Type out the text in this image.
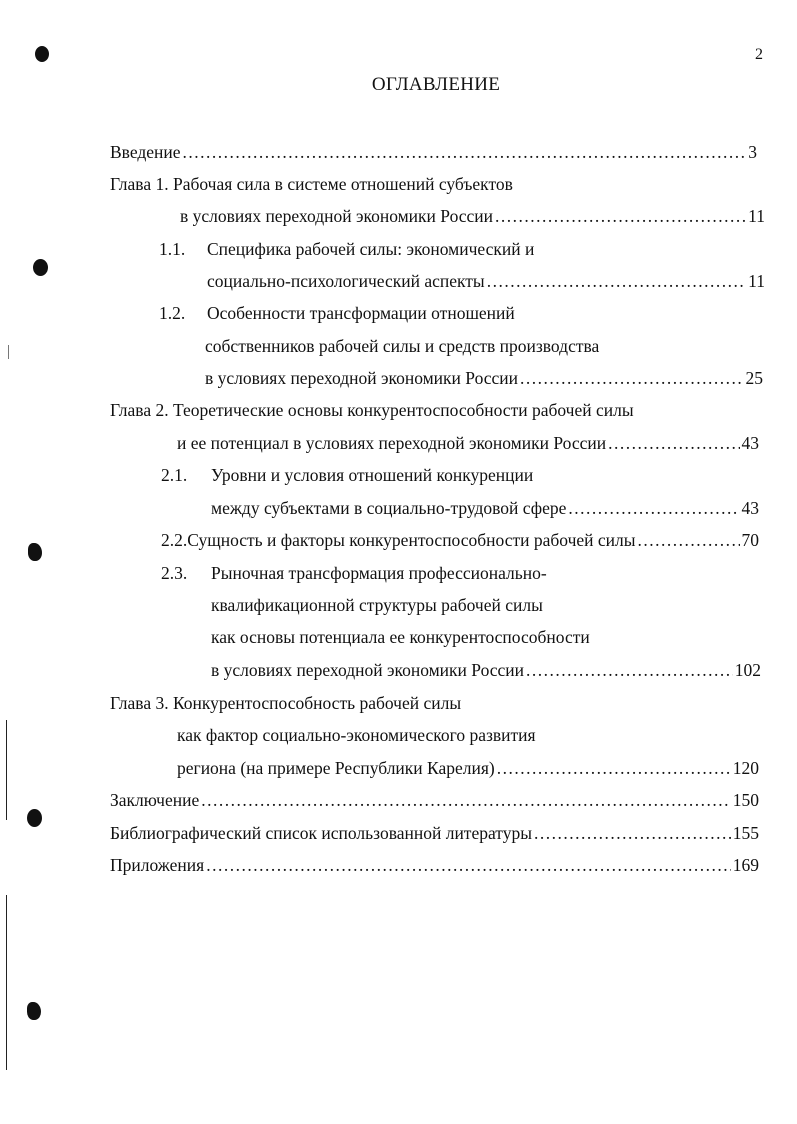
2
ОГЛАВЛЕНИЕ
Введение .....	3
Глава 1. Рабочая сила в системе отношений субъектов
в условиях переходной экономики России .....	11
1.1.	Специфика рабочей силы: экономический и
социально-психологический аспекты .....	11
1.2.	Особенности трансформации отношений
собственников рабочей силы и средств производства
в условиях переходной экономики России .....	25
Глава 2. Теоретические основы конкурентоспособности рабочей силы
и ее потенциал в условиях переходной экономики России .....	43
2.1.	Уровни и условия отношений конкуренции
между субъектами в социально-трудовой сфере .....	43
2.2. Сущность и факторы конкурентоспособности рабочей силы .....	70
2.3.	Рыночная трансформация профессионально-
квалификационной структуры рабочей силы
как основы потенциала ее конкурентоспособности
в условиях переходной экономики России .....	102
Глава 3. Конкурентоспособность рабочей силы
как фактор социально-экономического развития
региона (на примере Республики Карелия) .....	120
Заключение .....	150
Библиографический список использованной литературы .....	155
Приложения .....	169
